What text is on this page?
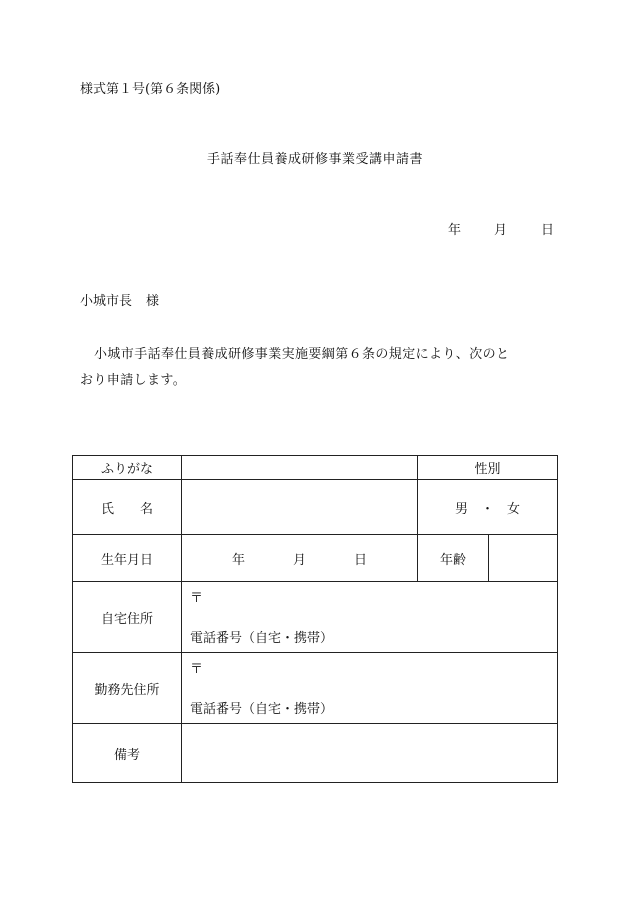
様式第１号(第６条関係)
手話奉仕員養成研修事業受講申請書
年	月	日
小城市長 様
小城市手話奉仕員養成研修事業実施要綱第６条の規定により、次のと
おり申請します。
ふりがな		性別	
氏　　名		男　・　女	
生年月日	年 月 日	年齢	
自宅住所	〒
電話番号（自宅・携帯）		

勤務先住所	〒
電話番号（自宅・携帯）		

備考			
